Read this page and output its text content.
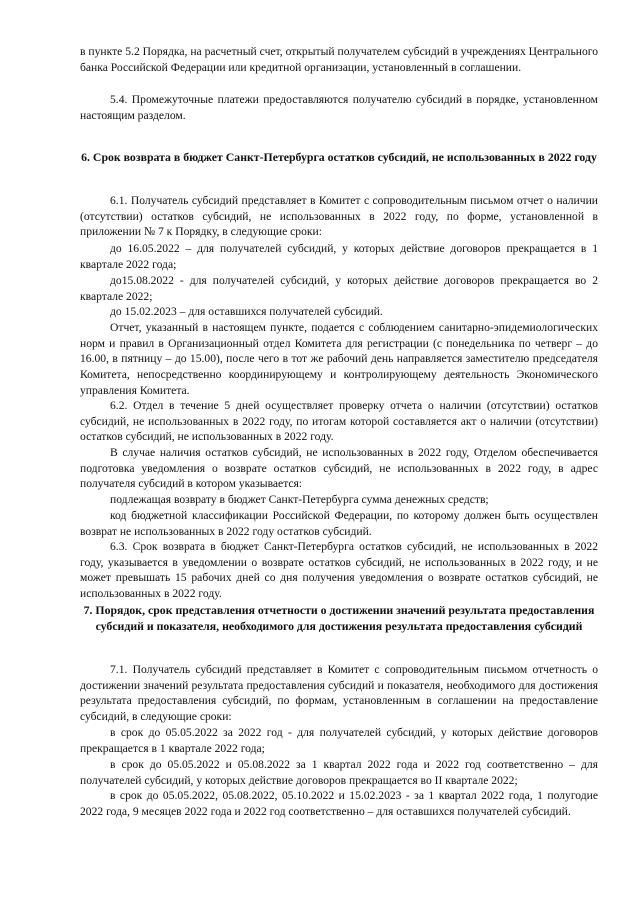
в пункте 5.2 Порядка, на расчетный счет, открытый получателем субсидий в учреждениях Центрального банка Российской Федерации или кредитной организации, установленный в соглашении.

5.4. Промежуточные платежи предоставляются получателю субсидий в порядке, установленном настоящим разделом.

6. Срок возврата в бюджет Санкт-Петербурга остатков субсидий, не использованных в 2022 году

6.1. Получатель субсидий представляет в Комитет с сопроводительным письмом отчет о наличии (отсутствии) остатков субсидий, не использованных в 2022 году, по форме, установленной в приложении № 7 к Порядку, в следующие сроки:

до 16.05.2022 – для получателей субсидий, у которых действие договоров прекращается в 1 квартале 2022 года;

до15.08.2022 - для получателей субсидий, у которых действие договоров прекращается во 2 квартале 2022;

до 15.02.2023 – для оставшихся получателей субсидий.

Отчет, указанный в настоящем пункте, подается с соблюдением санитарно-эпидемиологических норм и правил в Организационный отдел Комитета для регистрации (с понедельника по четверг – до 16.00, в пятницу – до 15.00), после чего в тот же рабочий день направляется заместителю председателя Комитета, непосредственно координирующему и контролирующему деятельность Экономического управления Комитета.

6.2. Отдел в течение 5 дней осуществляет проверку отчета о наличии (отсутствии) остатков субсидий, не использованных в 2022 году, по итогам которой составляется акт о наличии (отсутствии) остатков субсидий, не использованных в 2022 году.

В случае наличия остатков субсидий, не использованных в 2022 году, Отделом обеспечивается подготовка уведомления о возврате остатков субсидий, не использованных в 2022 году, в адрес получателя субсидий в котором указывается:

подлежащая возврату в бюджет Санкт-Петербурга сумма денежных средств;

код бюджетной классификации Российской Федерации, по которому должен быть осуществлен возврат не использованных в 2022 году остатков субсидий.

6.3. Срок возврата в бюджет Санкт-Петербурга остатков субсидий, не использованных в 2022 году, указывается в уведомлении о возврате остатков субсидий, не использованных в 2022 году, и не может превышать 15 рабочих дней со дня получения уведомления о возврате остатков субсидий, не использованных в 2022 году.

7. Порядок, срок представления отчетности о достижении значений результата предоставления субсидий и показателя, необходимого для достижения результата предоставления субсидий

7.1. Получатель субсидий представляет в Комитет с сопроводительным письмом отчетность о достижении значений результата предоставления субсидий и показателя, необходимого для достижения результата предоставления субсидий, по формам, установленным в соглашении на предоставление субсидий, в следующие сроки:

в срок до 05.05.2022 за 2022 год - для получателей субсидий, у которых действие договоров прекращается в 1 квартале 2022 года;

в срок до 05.05.2022 и 05.08.2022 за 1 квартал 2022 года и 2022 год соответственно – для получателей субсидий, у которых действие договоров прекращается во II квартале 2022;

в срок до 05.05.2022, 05.08.2022, 05.10.2022 и 15.02.2023 - за 1 квартал 2022 года, 1 полугодие 2022 года, 9 месяцев 2022 года и 2022 год соответственно – для оставшихся получателей субсидий.
